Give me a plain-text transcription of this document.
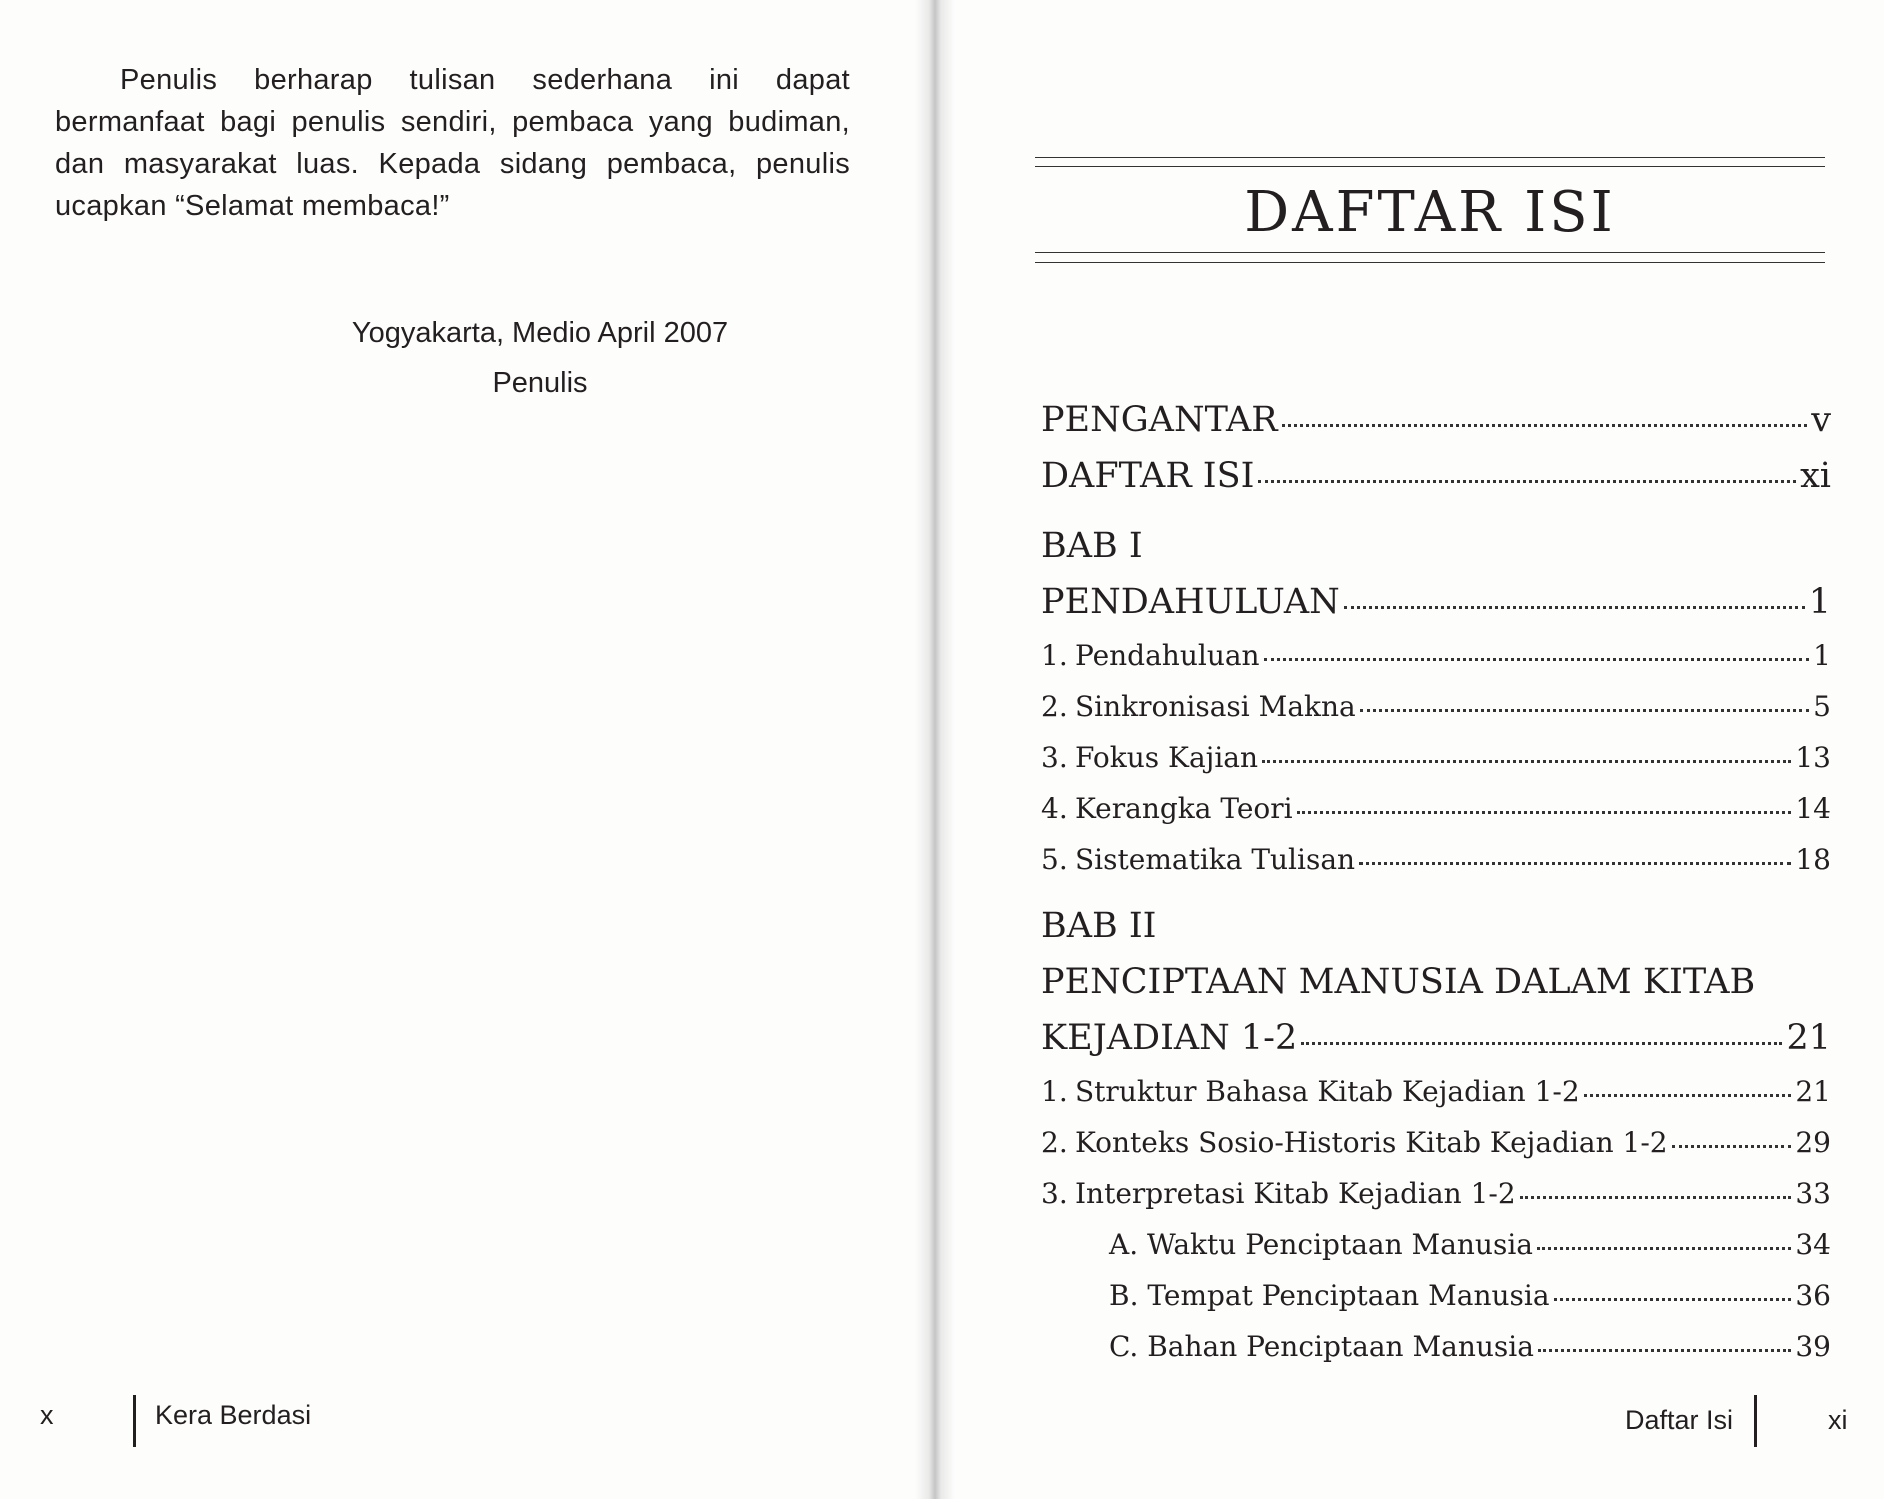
Penulis berharap tulisan sederhana ini dapat bermanfaat bagi penulis sendiri, pembaca yang budiman, dan masyarakat luas. Kepada sidang pembaca, penulis ucapkan “Selamat membaca!”

Yogyakarta, Medio April 2007
Penulis
x	Kera Berdasi
DAFTAR ISI
PENGANTAR	v
DAFTAR ISI	xi
BAB I
PENDAHULUAN	1
1. Pendahuluan	1
2. Sinkronisasi Makna	5
3. Fokus Kajian	13
4. Kerangka Teori	14
5. Sistematika Tulisan	18
BAB II
PENCIPTAAN MANUSIA DALAM KITAB
KEJADIAN 1-2	21
1. Struktur Bahasa Kitab Kejadian 1-2	21
2. Konteks Sosio-Historis Kitab Kejadian 1-2	29
3. Interpretasi Kitab Kejadian 1-2	33
A. Waktu Penciptaan Manusia	34
B. Tempat Penciptaan Manusia	36
C. Bahan Penciptaan Manusia	39
Daftar Isi	xi
